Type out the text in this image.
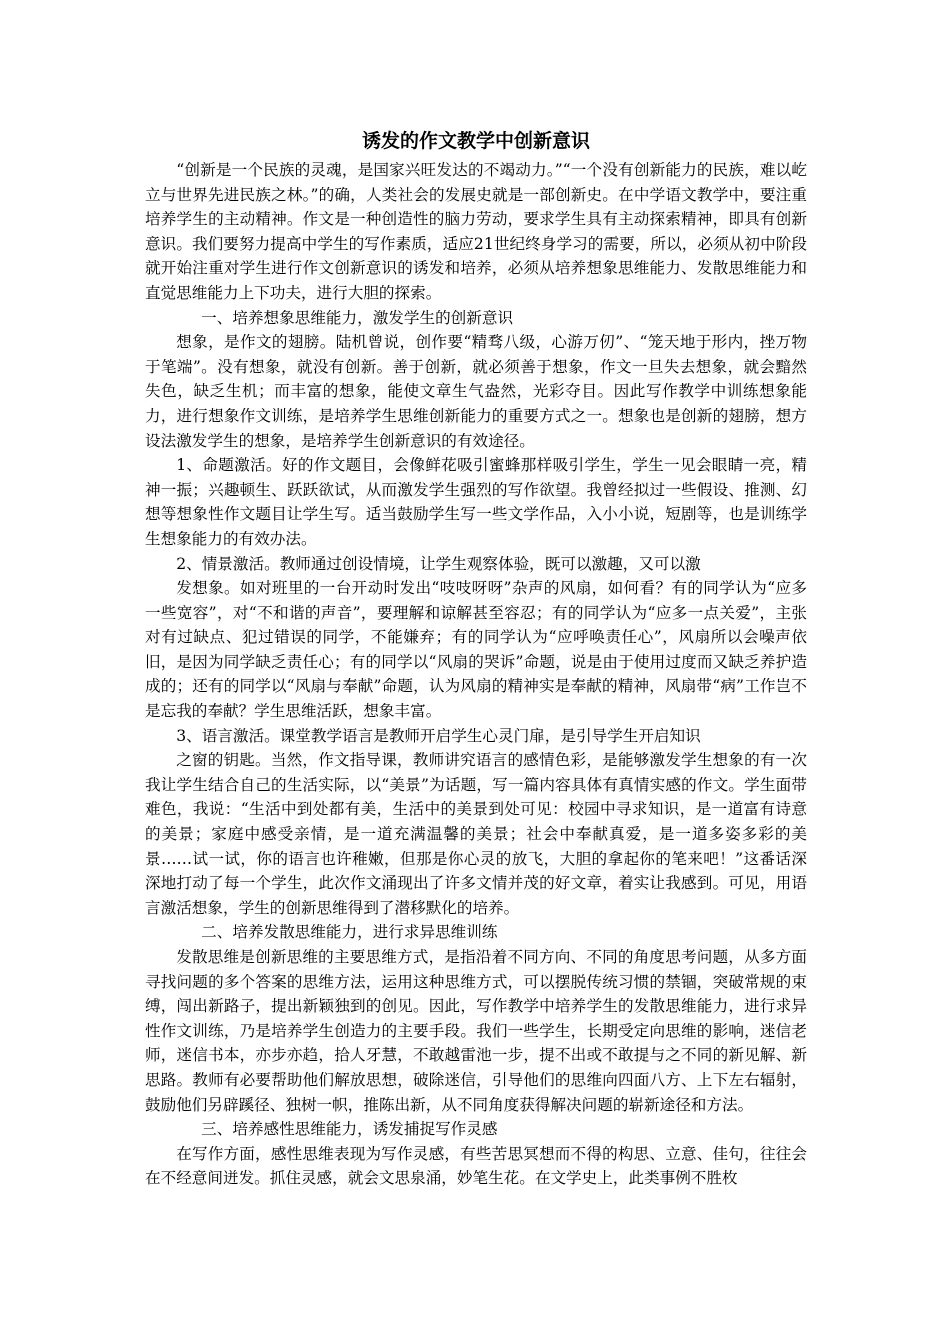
诱发的作文教学中创新意识

“创新是一个民族的灵魂，是国家兴旺发达的不竭动力。”“一个没有创新能力的民族，难以屹立与世界先进民族之林。”的确，人类社会的发展史就是一部创新史。在中学语文教学中，要注重培养学生的主动精神。作文是一种创造性的脑力劳动，要求学生具有主动探索精神，即具有创新意识。我们要努力提高中学生的写作素质，适应21世纪终身学习的需要，所以，必须从初中阶段就开始注重对学生进行作文创新意识的诱发和培养，必须从培养想象思维能力、发散思维能力和直觉思维能力上下功夫，进行大胆的探索。

一、培养想象思维能力，激发学生的创新意识

想象，是作文的翅膀。陆机曾说，创作要“精骛八级，心游万仞”、“笼天地于形内，挫万物于笔端”。没有想象，就没有创新。善于创新，就必须善于想象，作文一旦失去想象，就会黯然失色，缺乏生机；而丰富的想象，能使文章生气盎然，光彩夺目。因此写作教学中训练想象能力，进行想象作文训练，是培养学生思维创新能力的重要方式之一。想象也是创新的翅膀，想方设法激发学生的想象，是培养学生创新意识的有效途径。

1、命题激活。好的作文题目，会像鲜花吸引蜜蜂那样吸引学生，学生一见会眼睛一亮，精神一振；兴趣顿生、跃跃欲试，从而激发学生强烈的写作欲望。我曾经拟过一些假设、推测、幻想等想象性作文题目让学生写。适当鼓励学生写一些文学作品，入小小说，短剧等，也是训练学生想象能力的有效办法。

2、情景激活。教师通过创设情境，让学生观察体验，既可以激趣，又可以激

发想象。如对班里的一台开动时发出“吱吱呀呀”杂声的风扇，如何看？有的同学认为“应多一些宽容”，对“不和谐的声音”，要理解和谅解甚至容忍；有的同学认为“应多一点关爱”，主张对有过缺点、犯过错误的同学，不能嫌弃；有的同学认为“应呼唤责任心”，风扇所以会噪声依旧，是因为同学缺乏责任心；有的同学以“风扇的哭诉”命题，说是由于使用过度而又缺乏养护造成的；还有的同学以“风扇与奉献”命题，认为风扇的精神实是奉献的精神，风扇带“病”工作岂不是忘我的奉献？学生思维活跃，想象丰富。

3、语言激活。课堂教学语言是教师开启学生心灵门扉，是引导学生开启知识

之窗的钥匙。当然，作文指导课，教师讲究语言的感情色彩，是能够激发学生想象的有一次我让学生结合自己的生活实际，以“美景”为话题，写一篇内容具体有真情实感的作文。学生面带难色，我说：“生活中到处都有美，生活中的美景到处可见：校园中寻求知识，是一道富有诗意的美景；家庭中感受亲情，是一道充满温馨的美景；社会中奉献真爱，是一道多姿多彩的美景……试一试，你的语言也许稚嫩，但那是你心灵的放飞，大胆的拿起你的笔来吧！”这番话深深地打动了每一个学生，此次作文涌现出了许多文情并茂的好文章，着实让我感到。可见，用语言激活想象，学生的创新思维得到了潜移默化的培养。

二、培养发散思维能力，进行求异思维训练

发散思维是创新思维的主要思维方式，是指沿着不同方向、不同的角度思考问题，从多方面寻找问题的多个答案的思维方法，运用这种思维方式，可以摆脱传统习惯的禁锢，突破常规的束缚，闯出新路子，提出新颖独到的创见。因此，写作教学中培养学生的发散思维能力，进行求异性作文训练，乃是培养学生创造力的主要手段。我们一些学生，长期受定向思维的影响，迷信老师，迷信书本，亦步亦趋，拾人牙慧，不敢越雷池一步，提不出或不敢提与之不同的新见解、新思路。教师有必要帮助他们解放思想，破除迷信，引导他们的思维向四面八方、上下左右辐射，鼓励他们另辟蹊径、独树一帜，推陈出新，从不同角度获得解决问题的崭新途径和方法。

三、培养感性思维能力，诱发捕捉写作灵感

在写作方面，感性思维表现为写作灵感，有些苦思冥想而不得的构思、立意、佳句，往往会在不经意间迸发。抓住灵感，就会文思泉涌，妙笔生花。在文学史上，此类事例不胜枚
